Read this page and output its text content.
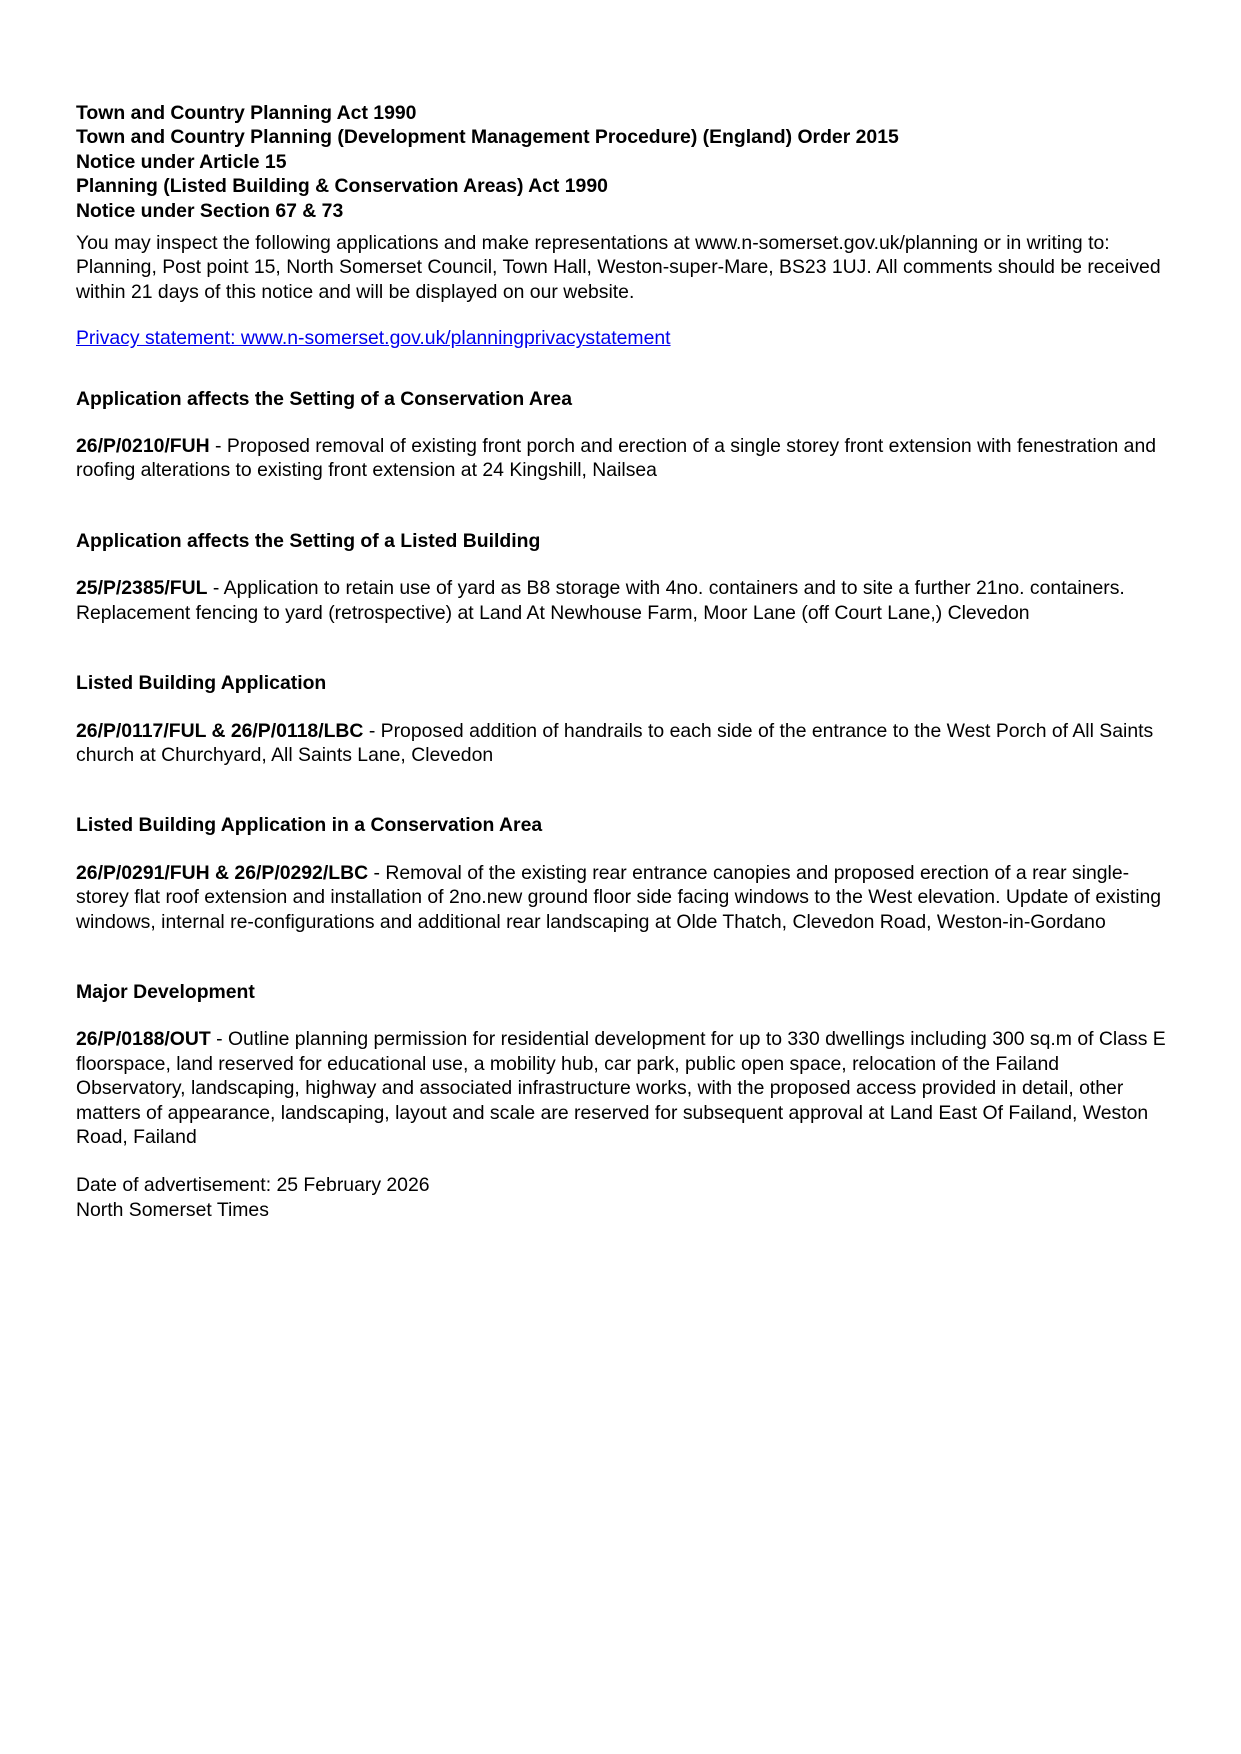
Town and Country Planning Act 1990

Town and Country Planning (Development Management Procedure) (England) Order 2015

Notice under Article 15

Planning (Listed Building & Conservation Areas) Act 1990

Notice under Section 67 & 73

You may inspect the following applications and make representations at www.n-somerset.gov.uk/planning or in writing to: Planning, Post point 15, North Somerset Council, Town Hall, Weston-super-Mare, BS23 1UJ. All comments should be received within 21 days of this notice and will be displayed on our website.

Privacy statement: www.n-somerset.gov.uk/planningprivacystatement

Application affects the Setting of a Conservation Area

26/P/0210/FUH - Proposed removal of existing front porch and erection of a single storey front extension with fenestration and roofing alterations to existing front extension at 24 Kingshill, Nailsea

Application affects the Setting of a Listed Building

25/P/2385/FUL - Application to retain use of yard as B8 storage with 4no. containers and to site a further 21no. containers. Replacement fencing to yard (retrospective) at Land At Newhouse Farm, Moor Lane (off Court Lane,) Clevedon

Listed Building Application

26/P/0117/FUL & 26/P/0118/LBC - Proposed addition of handrails to each side of the entrance to the West Porch of All Saints church at Churchyard, All Saints Lane, Clevedon

Listed Building Application in a Conservation Area

26/P/0291/FUH & 26/P/0292/LBC - Removal of the existing rear entrance canopies and proposed erection of a rear single-storey flat roof extension and installation of 2no.new ground floor side facing windows to the West elevation. Update of existing windows, internal re-configurations and additional rear landscaping at Olde Thatch, Clevedon Road, Weston-in-Gordano

Major Development

26/P/0188/OUT - Outline planning permission for residential development for up to 330 dwellings including 300 sq.m of Class E floorspace, land reserved for educational use, a mobility hub, car park, public open space, relocation of the Failand Observatory, landscaping, highway and associated infrastructure works, with the proposed access provided in detail, other matters of appearance, landscaping, layout and scale are reserved for subsequent approval at Land East Of Failand, Weston Road, Failand

Date of advertisement: 25 February 2026

North Somerset Times
